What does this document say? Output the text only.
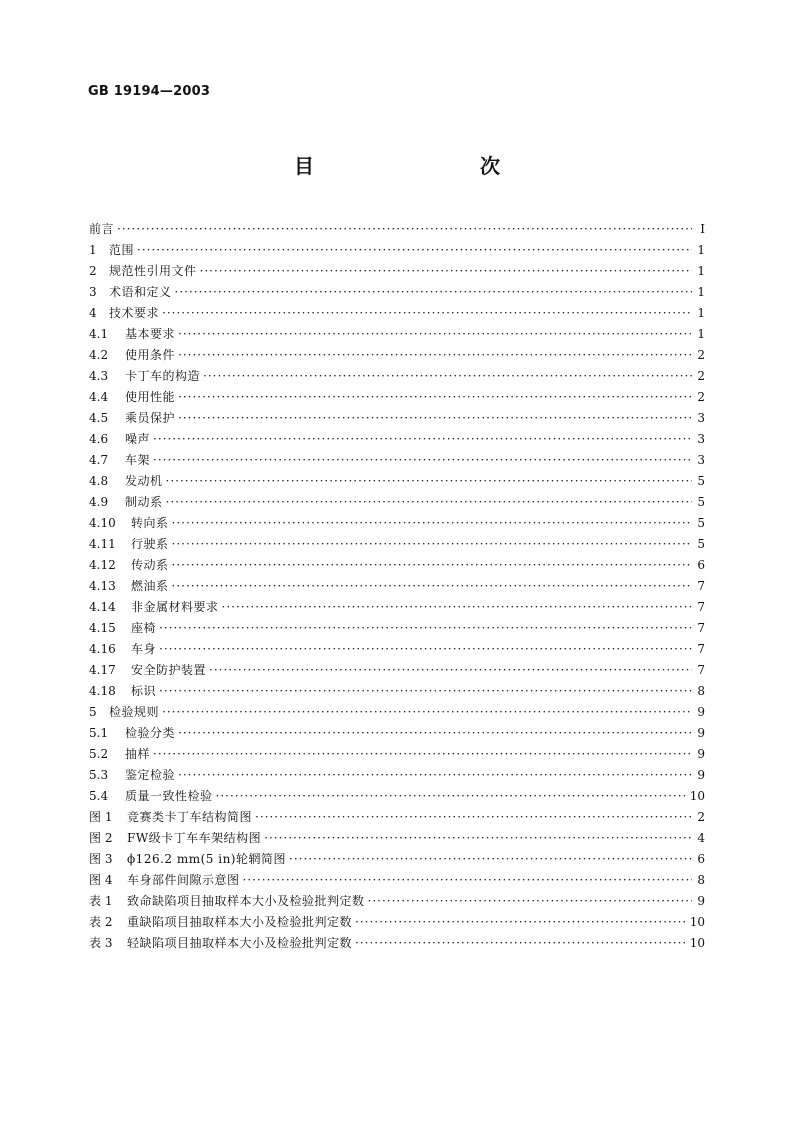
GB 19194—2003
目　　次
前言 ·····	I
1	范围 ·····	1
2	规范性引用文件 ·····	1
3	术语和定义 ·····	1
4	技术要求 ·····	1
4.1	基本要求 ·····	1
4.2	使用条件 ·····	2
4.3	卡丁车的构造 ·····	2
4.4	使用性能 ·····	2
4.5	乘员保护 ·····	3
4.6	噪声 ·····	3
4.7	车架 ·····	3
4.8	发动机 ·····	5
4.9	制动系 ·····	5
4.10	转向系 ·····	5
4.11	行驶系 ·····	5
4.12	传动系 ·····	6
4.13	燃油系 ·····	7
4.14	非金属材料要求 ·····	7
4.15	座椅 ·····	7
4.16	车身 ·····	7
4.17	安全防护装置 ·····	7
4.18	标识 ·····	8
5	检验规则 ·····	9
5.1	检验分类 ·····	9
5.2	抽样 ·····	9
5.3	鉴定检验 ·····	9
5.4	质量一致性检验 ·····	10
图 1	竞赛类卡丁车结构简图 ·····	2
图 2	FW级卡丁车车架结构图 ·····	4
图 3	ϕ126.2 mm(5 in)轮辋简图 ·····	6
图 4	车身部件间隙示意图 ·····	8
表 1	致命缺陷项目抽取样本大小及检验批判定数 ·····	9
表 2	重缺陷项目抽取样本大小及检验批判定数 ·····	10
表 3	轻缺陷项目抽取样本大小及检验批判定数 ·····	10
